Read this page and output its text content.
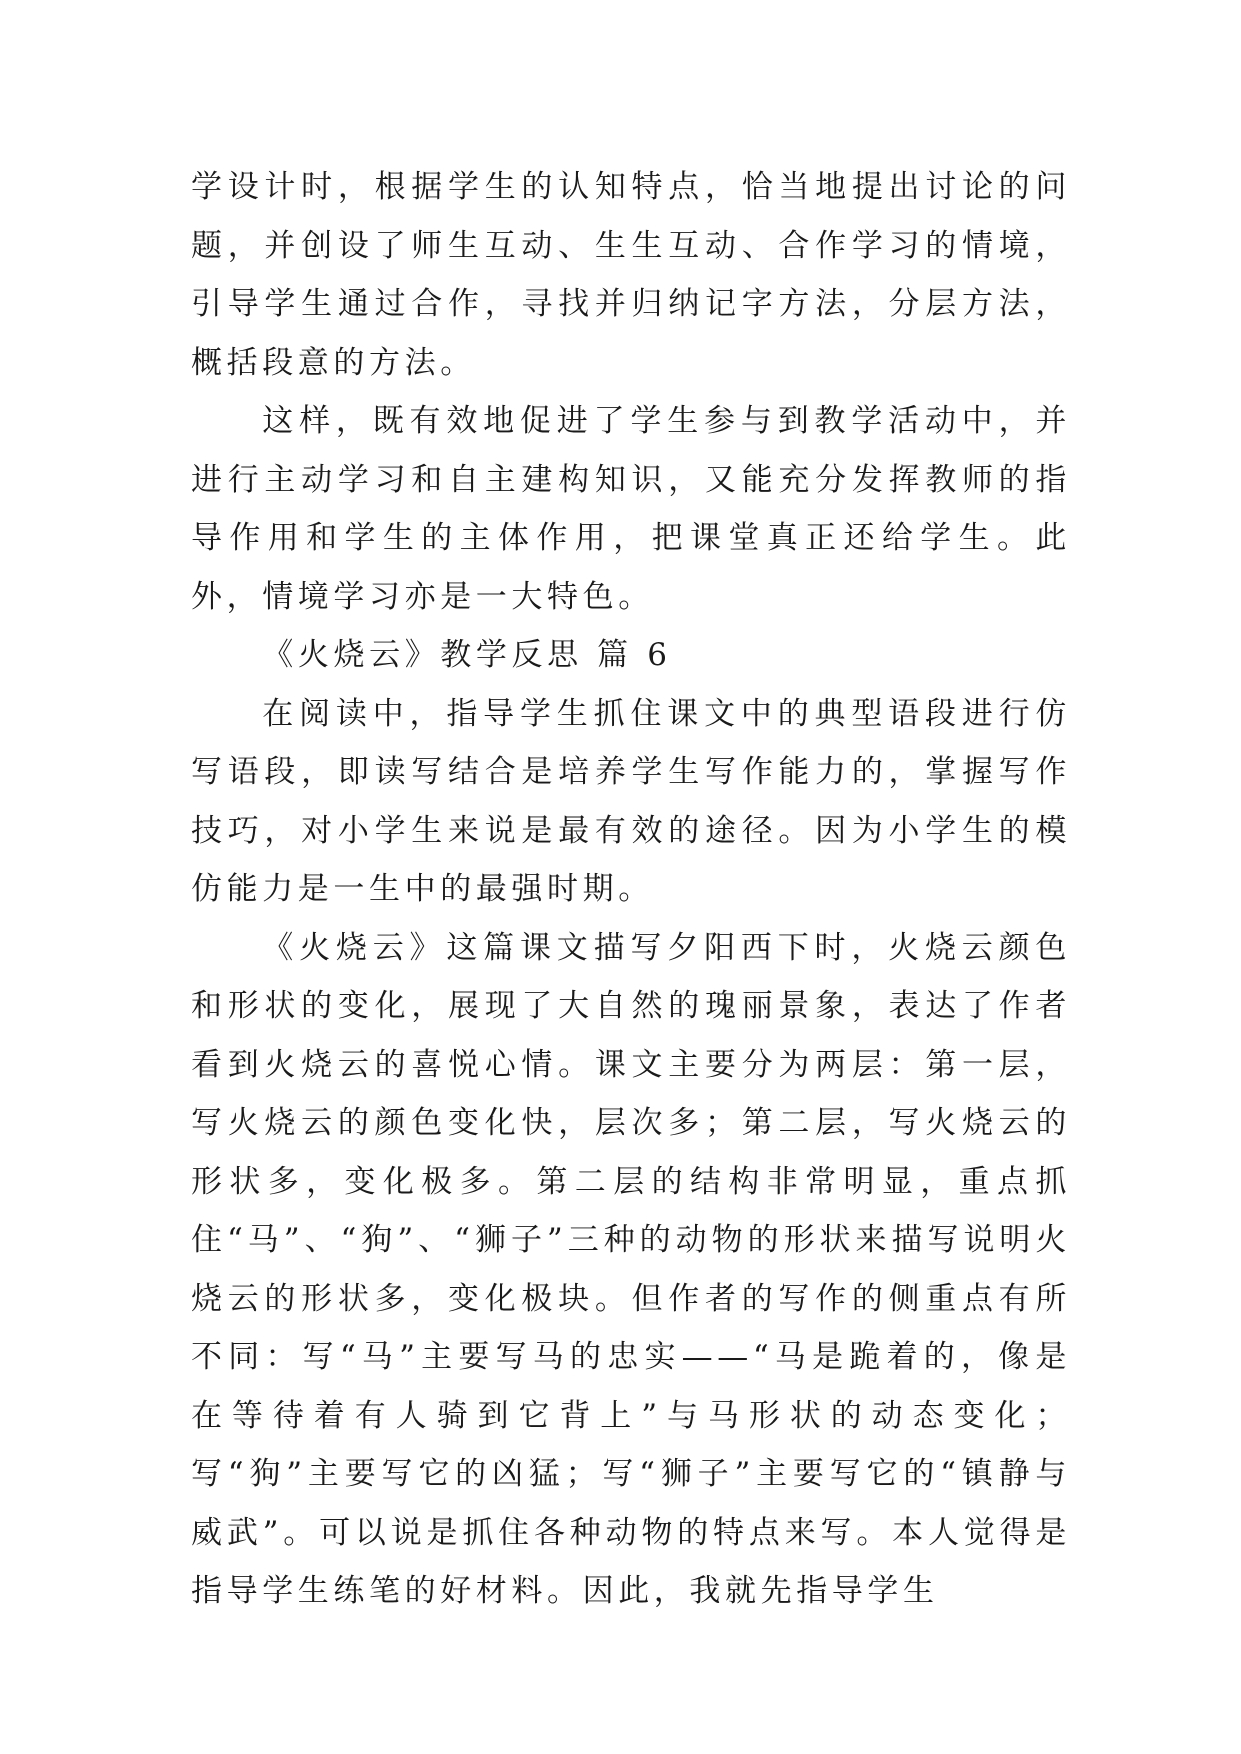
学设计时，根据学生的认知特点，恰当地提出讨论的问题，并创设了师生互动、生生互动、合作学习的情境，引导学生通过合作，寻找并归纳记字方法，分层方法，概括段意的方法。

这样，既有效地促进了学生参与到教学活动中，并进行主动学习和自主建构知识，又能充分发挥教师的指导作用和学生的主体作用，把课堂真正还给学生。此外，情境学习亦是一大特色。

《火烧云》教学反思 篇 6

在阅读中，指导学生抓住课文中的典型语段进行仿写语段，即读写结合是培养学生写作能力的，掌握写作技巧，对小学生来说是最有效的途径。因为小学生的模仿能力是一生中的最强时期。

《火烧云》这篇课文描写夕阳西下时，火烧云颜色和形状的变化，展现了大自然的瑰丽景象，表达了作者看到火烧云的喜悦心情。课文主要分为两层：第一层，写火烧云的颜色变化快，层次多；第二层，写火烧云的形状多，变化极多。第二层的结构非常明显，重点抓住“马”、“狗”、“狮子”三种的动物的形状来描写说明火烧云的形状多，变化极块。但作者的写作的侧重点有所不同：写“马”主要写马的忠实——“马是跪着的，像是在等待着有人骑到它背上”与马形状的动态变化；写“狗”主要写它的凶猛；写“狮子”主要写它的“镇静与威武”。可以说是抓住各种动物的特点来写。本人觉得是指导学生练笔的好材料。因此，我就先指导学生
